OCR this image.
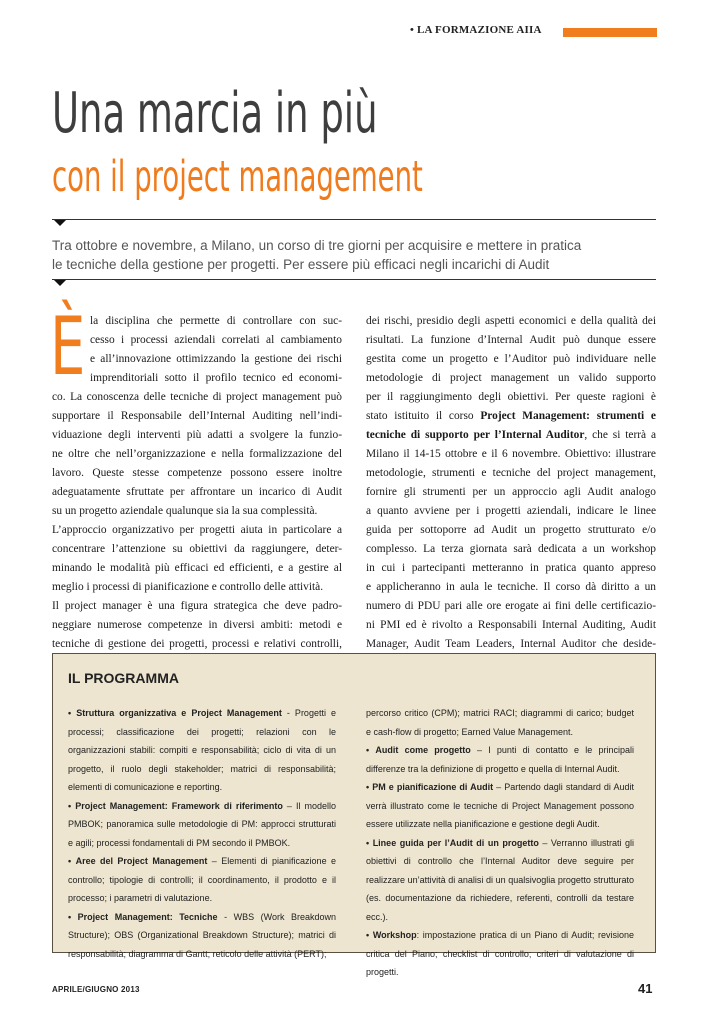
• LA FORMAZIONE AIIA
Una marcia in più
con il project management

Tra ottobre e novembre, a Milano, un corso di tre giorni per acquisire e mettere in pratica

le tecniche della gestione per progetti. Per essere più efficaci negli incarichi di Audit

È la disciplina che permette di controllare con suc-
cesso i processi aziendali correlati al cambiamento
e all’innovazione ottimizzando la gestione dei rischi
imprenditoriali sotto il profilo tecnico ed economi-
co. La conoscenza delle tecniche di project management può
supportare il Responsabile dell’Internal Auditing nell’indi-
viduazione degli interventi più adatti a svolgere la funzio-
ne oltre che nell’organizzazione e nella formalizzazione del
lavoro. Queste stesse competenze possono essere inoltre
adeguatamente sfruttate per affrontare un incarico di Audit
su un progetto aziendale qualunque sia la sua complessità.
L’approccio organizzativo per progetti aiuta in particolare a
concentrare l’attenzione su obiettivi da raggiungere, deter-
minando le modalità più efficaci ed efficienti, e a gestire al
meglio i processi di pianificazione e controllo delle attività.
Il project manager è una figura strategica che deve padro-
neggiare numerose competenze in diversi ambiti: metodi e
tecniche di gestione dei progetti, processi e relativi controlli,
dei rischi, presidio degli aspetti economici e della qualità dei
risultati. La funzione d’Internal Audit può dunque essere
gestita come un progetto e l’Auditor può individuare nelle
metodologie di project management un valido supporto
per il raggiungimento degli obiettivi. Per queste ragioni è
stato istituito il corso Project Management: strumenti e
tecniche di supporto per l’Internal Auditor, che si terrà a
Milano il 14-15 ottobre e il 6 novembre. Obiettivo: illustrare
metodologie, strumenti e tecniche del project management,
fornire gli strumenti per un approccio agli Audit analogo
a quanto avviene per i progetti aziendali, indicare le linee
guida per sottoporre ad Audit un progetto strutturato e/o
complesso. La terza giornata sarà dedicata a un workshop
in cui i partecipanti metteranno in pratica quanto appreso
e applicheranno in aula le tecniche. Il corso dà diritto a un
numero di PDU pari alle ore erogate ai fini delle certificazio-
ni PMI ed è rivolto a Responsabili Internal Auditing, Audit
Manager, Audit Team Leaders, Internal Auditor che deside-
IL PROGRAMMA

• Struttura organizzativa e Project Management - Progetti e processi; classificazione dei progetti; relazioni con le organizzazioni stabili: compiti e responsabilità; ciclo di vita di un progetto, il ruolo degli stakeholder; matrici di responsabilità; elementi di comunicazione e reporting.

• Project Management: Framework di riferimento – Il modello PMBOK; panoramica sulle metodologie di PM: approcci strutturati e agili; processi fondamentali di PM secondo il PMBOK.

• Aree del Project Management – Elementi di pianificazione e controllo; tipologie di controlli; il coordinamento, il prodotto e il processo; i parametri di valutazione.

• Project Management: Tecniche - WBS (Work Breakdown Structure); OBS (Organizational Breakdown Structure); matrici di responsabilità; diagramma di Gantt; reticolo delle attività (PERT);

percorso critico (CPM); matrici RACI; diagrammi di carico; budget e cash-flow di progetto; Earned Value Management.

• Audit come progetto – I punti di contatto e le principali differenze tra la definizione di progetto e quella di Internal Audit.

• PM e pianificazione di Audit – Partendo dagli standard di Audit verrà illustrato come le tecniche di Project Management possono essere utilizzate nella pianificazione e gestione degli Audit.

• Linee guida per l’Audit di un progetto – Verranno illustrati gli obiettivi di controllo che l’Internal Auditor deve seguire per realizzare un’attività di analisi di un qualsivoglia progetto strutturato (es. documentazione da richiedere, referenti, controlli da testare ecc.).

• Workshop: impostazione pratica di un Piano di Audit; revisione critica del Piano; checklist di controllo; criteri di valutazione di progetti.

APRILE/GIUGNO 2013	41
